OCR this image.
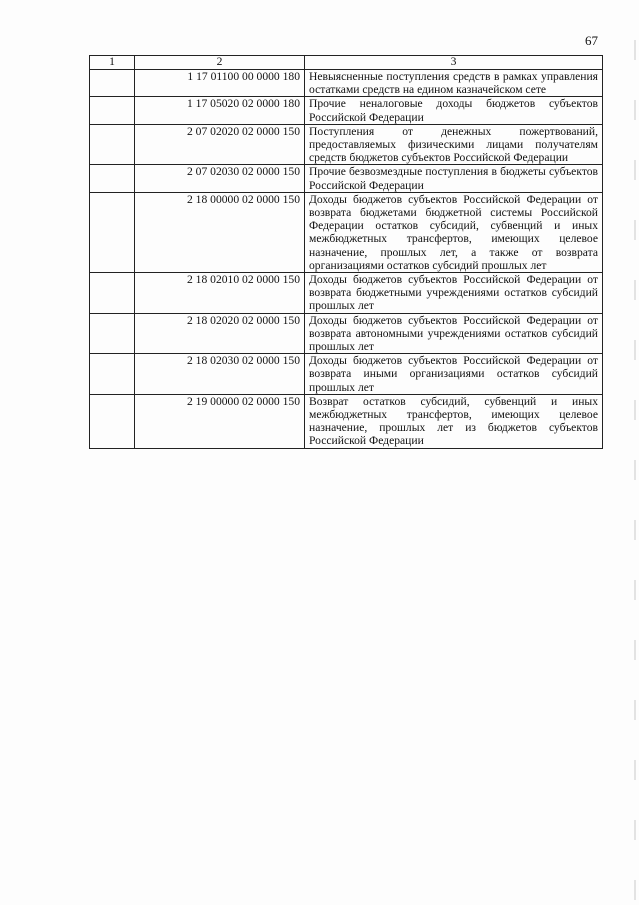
67
1	2	3
	1 17 01100 00 0000 180	Невыясненные поступления средств в рамках управления остатками средств на едином казначейском сете
	1 17 05020 02 0000 180	Прочие неналоговые доходы бюджетов субъектов Российской Федерации
	2 07 02020 02 0000 150	Поступления от денежных пожертвований, предоставляемых физическими лицами получателям средств бюджетов субъектов Российской Федерации
	2 07 02030 02 0000 150	Прочие безвозмездные поступления в бюджеты субъектов Российской Федерации
	2 18 00000 02 0000 150	Доходы бюджетов субъектов Российской Федерации от возврата бюджетами бюджетной системы Российской Федерации остатков субсидий, субвенций и иных межбюджетных трансфертов, имеющих целевое назначение, прошлых лет, а также от возврата организациями остатков субсидий прошлых лет
	2 18 02010 02 0000 150	Доходы бюджетов субъектов Российской Федерации от возврата бюджетными учреждениями остатков субсидий прошлых лет
	2 18 02020 02 0000 150	Доходы бюджетов субъектов Российской Федерации от возврата автономными учреждениями остатков субсидий прошлых лет
	2 18 02030 02 0000 150	Доходы бюджетов субъектов Российской Федерации от возврата иными организациями остатков субсидий прошлых лет
	2 19 00000 02 0000 150	Возврат остатков субсидий, субвенций и иных межбюджетных трансфертов, имеющих целевое назначение, прошлых лет из бюджетов субъектов Российской Федерации
